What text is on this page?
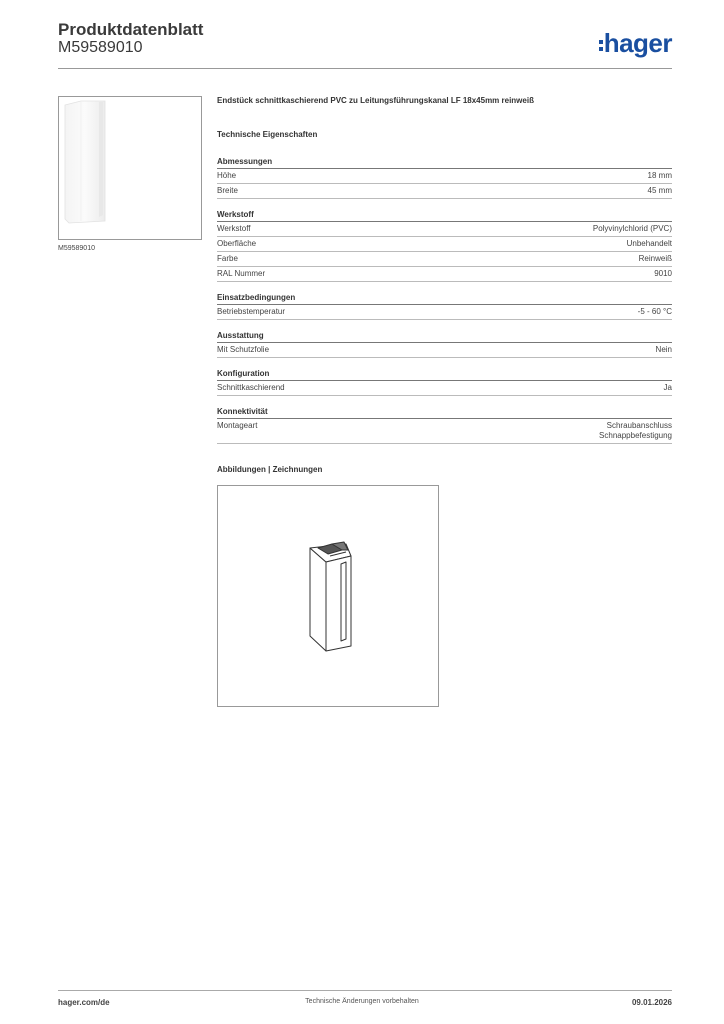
Produktdatenblatt
M59589010	hager
M59589010
Endstück schnittkaschierend PVC zu Leitungsführungskanal LF 18x45mm reinweiß
Technische Eigenschaften
Abmessungen
Höhe	18 mm
Breite	45 mm
Werkstoff
Werkstoff	Polyvinylchlorid (PVC)
Oberfläche	Unbehandelt
Farbe	Reinweiß
RAL Nummer	9010
Einsatzbedingungen
Betriebstemperatur	-5 - 60 °C
Ausstattung
Mit Schutzfolie	Nein
Konfiguration
Schnittkaschierend	Ja
Konnektivität
Montageart	Schraubanschluss
Schnappbefestigung
Abbildungen | Zeichnungen
hager.com/de	Technische Änderungen vorbehalten	09.01.2026
